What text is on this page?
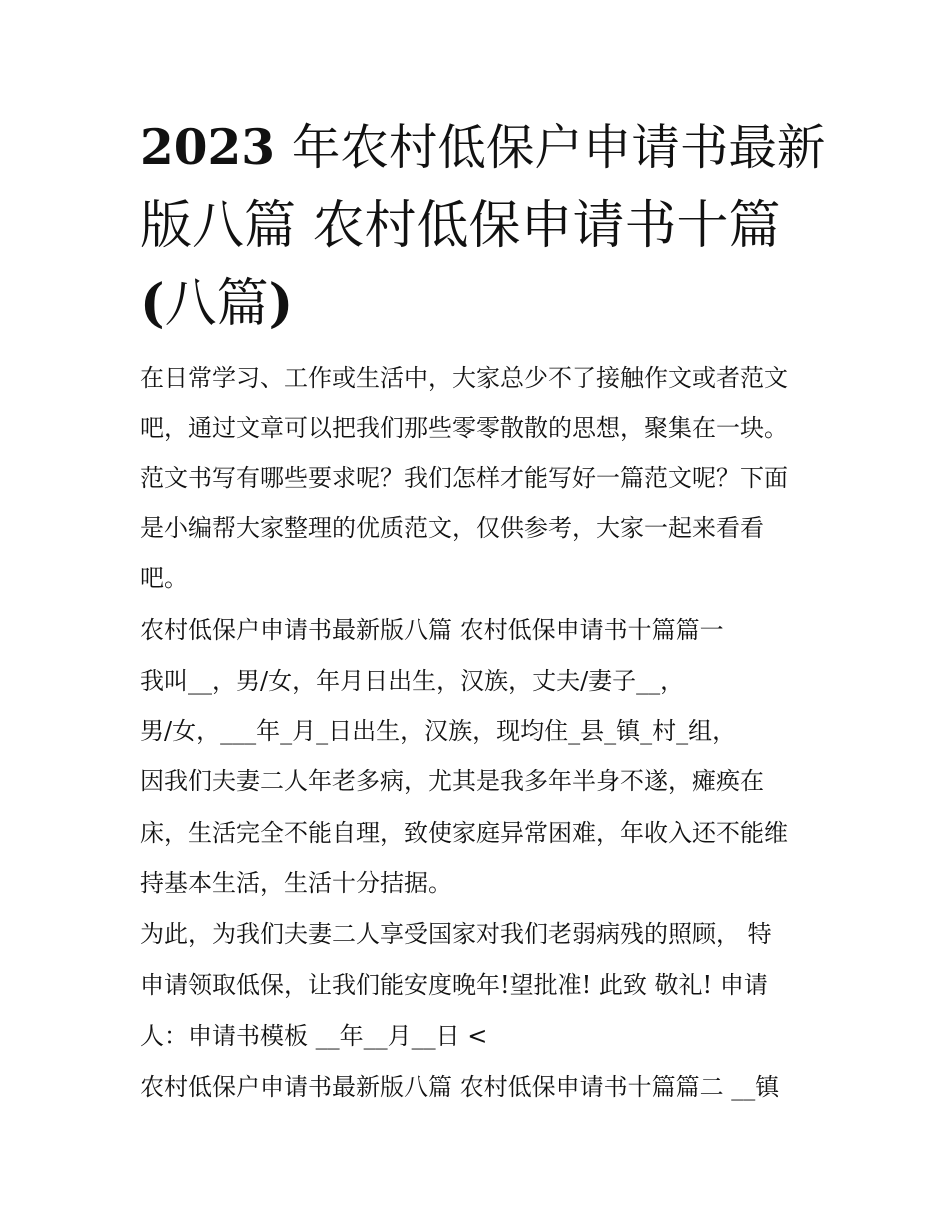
2023 年农村低保户申请书最新
版八篇 农村低保申请书十篇
(八篇)
在日常学习、工作或生活中，大家总少不了接触作文或者范文
吧，通过文章可以把我们那些零零散散的思想，聚集在一块。
范文书写有哪些要求呢？我们怎样才能写好一篇范文呢？下面
是小编帮大家整理的优质范文，仅供参考，大家一起来看看
吧。
农村低保户申请书最新版八篇 农村低保申请书十篇篇一
我叫__，男/女，年月日出生，汉族，丈夫/妻子__，
男/女，___年_月_日出生，汉族，现均住_县_镇_村_组，
因我们夫妻二人年老多病，尤其是我多年半身不遂，瘫痪在
床，生活完全不能自理，致使家庭异常困难，年收入还不能维
持基本生活，生活十分拮据。
为此，为我们夫妻二人享受国家对我们老弱病残的照顾， 特
申请领取低保，让我们能安度晚年!望批准! 此致 敬礼! 申请
人：申请书模板 __年__月__日 <
农村低保户申请书最新版八篇 农村低保申请书十篇篇二 __镇
